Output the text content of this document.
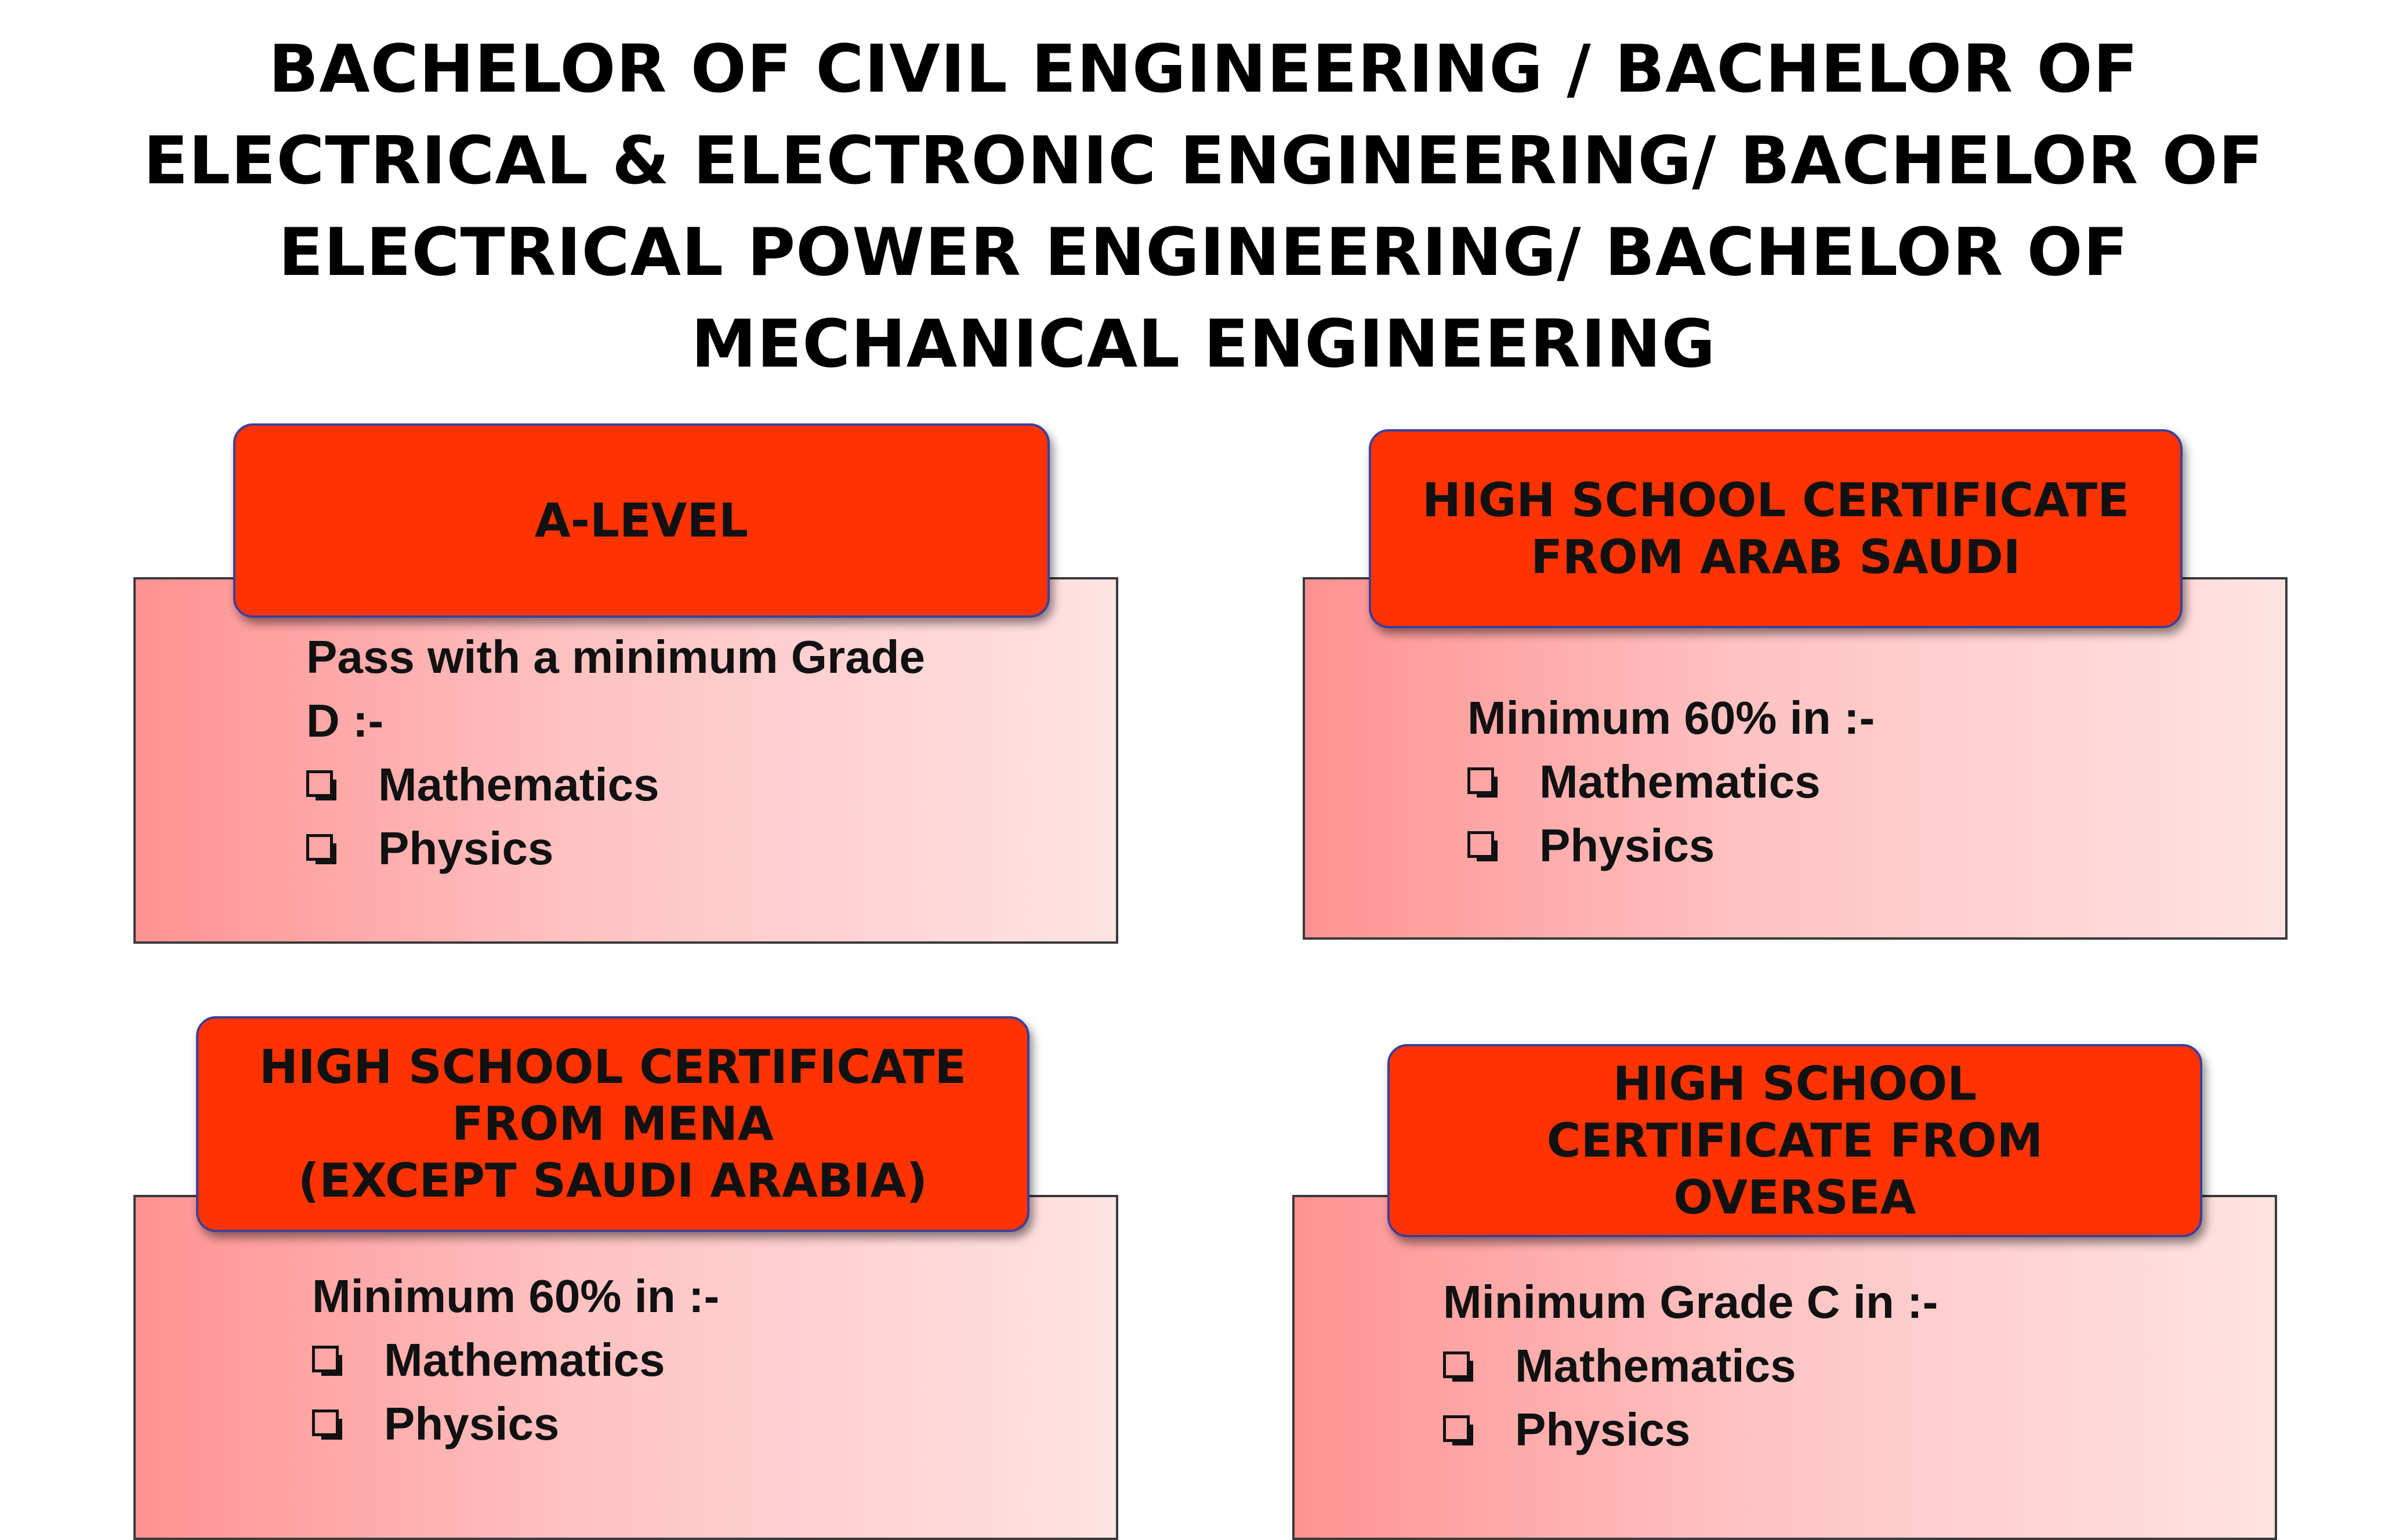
BACHELOR OF CIVIL ENGINEERING / BACHELOR OF ELECTRICAL & ELECTRONIC ENGINEERING/ BACHELOR OF ELECTRICAL POWER ENGINEERING/ BACHELOR OF MECHANICAL ENGINEERING
A-LEVEL
Pass with a minimum Grade
D :-
Mathematics
Physics
HIGH SCHOOL CERTIFICATE
FROM ARAB SAUDI
Minimum 60% in :-
Mathematics
Physics
HIGH SCHOOL CERTIFICATE
FROM MENA
(EXCEPT SAUDI ARABIA)
Minimum 60% in :-
Mathematics
Physics
HIGH SCHOOL
CERTIFICATE FROM
OVERSEA
Minimum Grade C in :-
Mathematics
Physics
